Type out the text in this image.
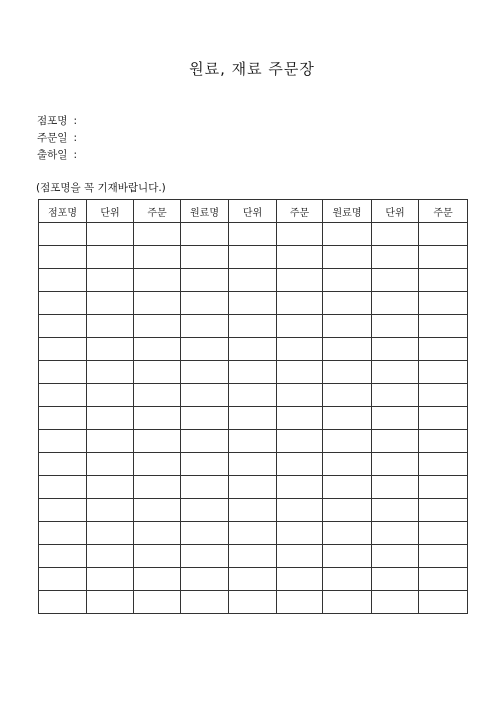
원료, 재료 주문장
점포명 :
주문일 :
출하일 :
(점포명을 꼭 기재바랍니다.)
점포명	단위	주문	원료명	단위	주문	원료명	단위	주문
